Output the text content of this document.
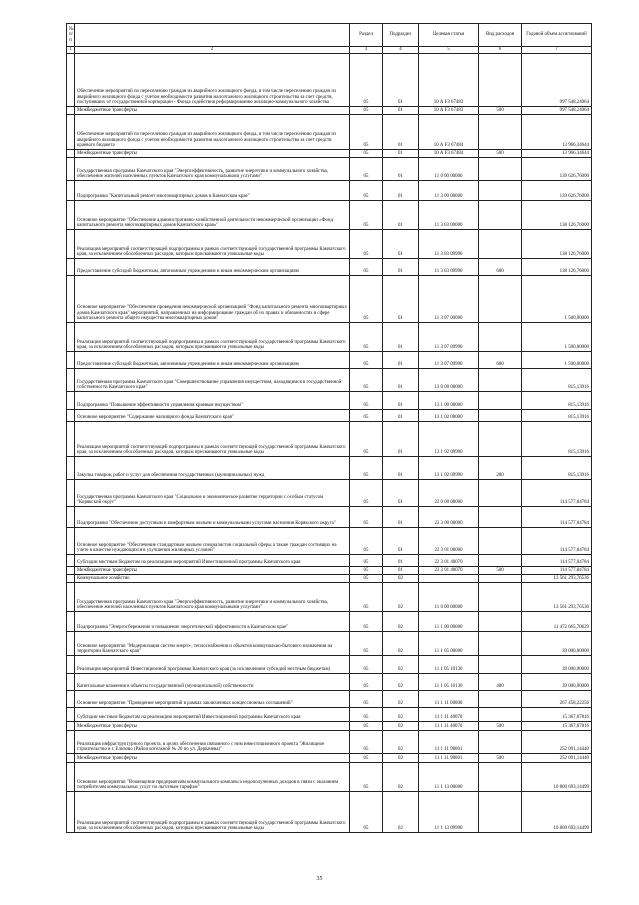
№ п/п		Раздел	Подраздел	Целевая статья	Вид расходов	Годовой объем ассигнований
1	2	3	4	5	6	7
	Обеспечение мероприятий по переселению граждан из аварийного жилищного фонда, в том числе переселению граждан из аварийного жилищного фонда с учетом необходимости развития малоэтажного жилищного строительства за счет средств, поступивших от государственной корпорации - Фонда содействия реформированию жилищно-коммунального хозяйства	05	01	10 А F3 67483		997 548,24064
	Межбюджетные трансферты	05	01	10 А F3 67483	500	997 548,24064
	Обеспечение мероприятий по переселению граждан из аварийного жилищного фонда, в том числе переселению граждан из аварийного жилищного фонда с учетом необходимости развития малоэтажного жилищного строительства за счет средств краевого бюджета	05	01	10 А F3 67484		13 966,34644
	Межбюджетные трансферты	05	01	10 А F3 67484	500	13 966,34644
	Государственная программа Камчатского края "Энергоэффективность, развитие энергетики и коммунального хозяйства, обеспечение жителей населенных пунктов Камчатского края коммунальными услугами"	05	01	11 0 00 00000		139 626,76000
	Подпрограмма "Капитальный ремонт многоквартирных домов в Камчатском крае"	05	01	11 3 00 00000		139 626,76000
	Основное мероприятие "Обеспечение административно-хозяйственной деятельности некоммерческой организации «Фонд капитального ремонта многоквартирных домов Камчатского края»"	05	01	11 3 03 00000		138 126,76000
	Реализация мероприятий соответствующей подпрограммы в рамках соответствующей государственной программы Камчатского края, за исключением обособленных расходов, которым присваиваются уникальные коды	05	01	11 3 03 09990		138 126,76000
	Предоставление субсидий бюджетным, автономным учреждениям и иным некоммерческим организациям	05	01	11 3 03 09990	600	138 126,76000
	Основное мероприятие "Обеспечение проведения некоммерческой организацией "Фонд капитального ремонта многоквартирных домов Камчатского края" мероприятий, направленных на информирование граждан об их правах и обязанностях в сфере капитального ремонта общего имущества многоквартирных домов"	05	01	11 3 07 00000		1 500,00000
	Реализация мероприятий соответствующей подпрограммы в рамках соответствующей государственной программы Камчатского края, за исключением обособленных расходов, которым присваиваются уникальные коды	05	01	11 3 07 09990		1 500,00000
	Предоставление субсидий бюджетным, автономным учреждениям и иным некоммерческим организациям	05	01	11 3 07 09990	600	1 500,00000
	Государственная программа Камчатского края "Совершенствование управления имуществом, находящимся в государственной собственности Камчатского края"	05	01	13 0 00 00000		815,13916
	Подпрограмма "Повышение эффективности управления краевым имуществом"	05	01	13 1 00 00000		815,13916
	Основное мероприятие "Содержание жилищного фонда Камчатского края"	05	01	13 1 02 00000		815,13916
	Реализация мероприятий соответствующей подпрограммы в рамках соответствующей государственной программы Камчатского края, за исключением обособленных расходов, которым присваиваются уникальные коды	05	01	13 1 02 09990		815,13916
	Закупка товаров, работ и услуг для обеспечения государственных (муниципальных) нужд	05	01	13 1 02 09990	200	815,13916
	Государственная программа Камчатского края "Социальное и экономическое развитие территории с особым статусом "Корякский округ"	05	01	22 0 00 00000		114 577,84784
	Подпрограмма "Обеспечение доступным и комфортным жильем и коммунальными услугами населения Корякского округа"	05	01	22 3 00 00000		114 577,84784
	Основное мероприятие "Обеспечение стандартным жильем специалистов социальной сферы а также граждан состоящих на учете в качестве нуждающихся в улучшении жилищных условий"	05	01	22 3 01 00000		114 577,84784
	Субсидии местным бюджетам на реализацию мероприятий Инвестиционной программы Камчатского края	05	01	22 3 01 40070		114 577,84784
	Межбюджетные трансферты	05	01	22 3 01 40070	500	114 577,84784
	Коммунальное хозяйство	05	02			13 561 293,76536
	Государственная программа Камчатского края "Энергоэффективность, развитие энергетики и коммунального хозяйства, обеспечение жителей населенных пунктов Камчатского края коммунальными услугами"	05	02	11 0 00 00000		13 561 293,76536
	Подпрограмма "Энергосбережение и повышение энергетической эффективности в Камчатском крае"	05	02	11 1 00 00000		11 472 665,70629
	Основное мероприятие "Модернизация систем энерго-, теплоснабжения и объектов коммунально-бытового назначения на территории Камчатского края"	05	02	11 1 05 00000		39 000,00000
	Реализация мероприятий Инвестиционной программы Камчатского края (за исключением субсидий местным бюджетам)	05	02	11 1 05 10130		39 000,00000
	Капитальные вложения в объекты государственной (муниципальной) собственности	05	02	11 1 05 10130	400	39 000,00000
	Основное мероприятие "Проведение мероприятий в рамках заключенных концессионных соглашений"	05	02	11 1 11 00000		267 458,22256
	Субсидии местным бюджетам на реализацию мероприятий Инвестиционной программы Камчатского края	05	02	11 1 11 40070		15 367,07816
	Межбюджетные трансферты	05	02	11 1 11 40070	500	15 367,07816
	Реализация инфраструктурного проекта, в целях обеспечения связанного с ним инвестиционного проекта "Жилищное строительство в г. Елизово (Район котельной № 20 по ул. Деркачева)"	05	02	11 1 11 98001		252 091,14440
	Межбюджетные трансферты	05	02	11 1 11 98001	500	252 091,14440
	Основное мероприятие "Возмещение предприятиям коммунального комплекса недополученных доходов в связи с оказанием потребителям коммунальных услуг по льготным тарифам"	05	02	11 1 13 00000		10 800 693,14499
	Реализация мероприятий соответствующей подпрограммы в рамках соответствующей государственной программы Камчатского края, за исключением обособленных расходов, которым присваиваются уникальные коды	05	02	11 1 13 09990		10 800 693,14499
35
